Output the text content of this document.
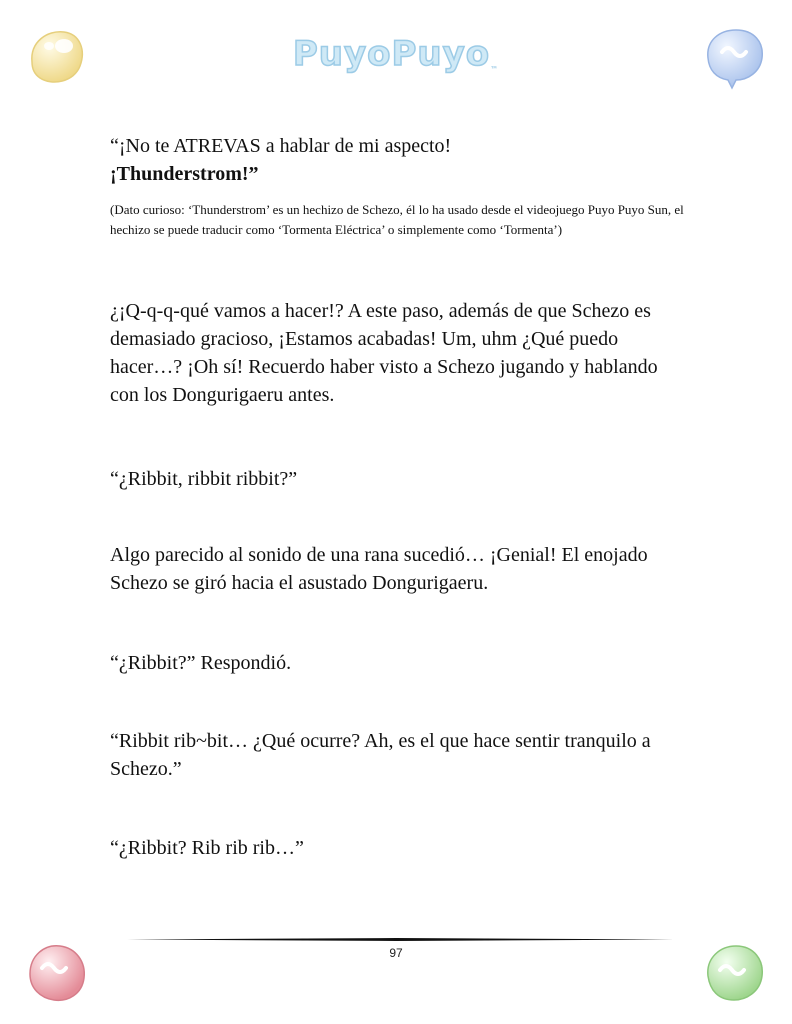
PuyoPuyo™

“¡No te ATREVAS a hablar de mi aspecto!
¡Thunderstrom!”

(Dato curioso: ‘Thunderstrom’ es un hechizo de Schezo, él lo ha usado desde el videojuego Puyo Puyo Sun, el hechizo se puede traducir como ‘Tormenta Eléctrica’ o simplemente como ‘Tormenta’)

¿¡Q-q-q-qué vamos a hacer!? A este paso, además de que Schezo es demasiado gracioso, ¡Estamos acabadas! Um, uhm ¿Qué puedo hacer…? ¡Oh sí! Recuerdo haber visto a Schezo jugando y hablando con los Dongurigaeru antes.

“¿Ribbit, ribbit ribbit?”

Algo parecido al sonido de una rana sucedió… ¡Genial! El enojado Schezo se giró hacia el asustado Dongurigaeru.

“¿Ribbit?” Respondió.

“Ribbit rib~bit… ¿Qué ocurre? Ah, es el que hace sentir tranquilo a Schezo.”

“¿Ribbit? Rib rib rib…”

97
